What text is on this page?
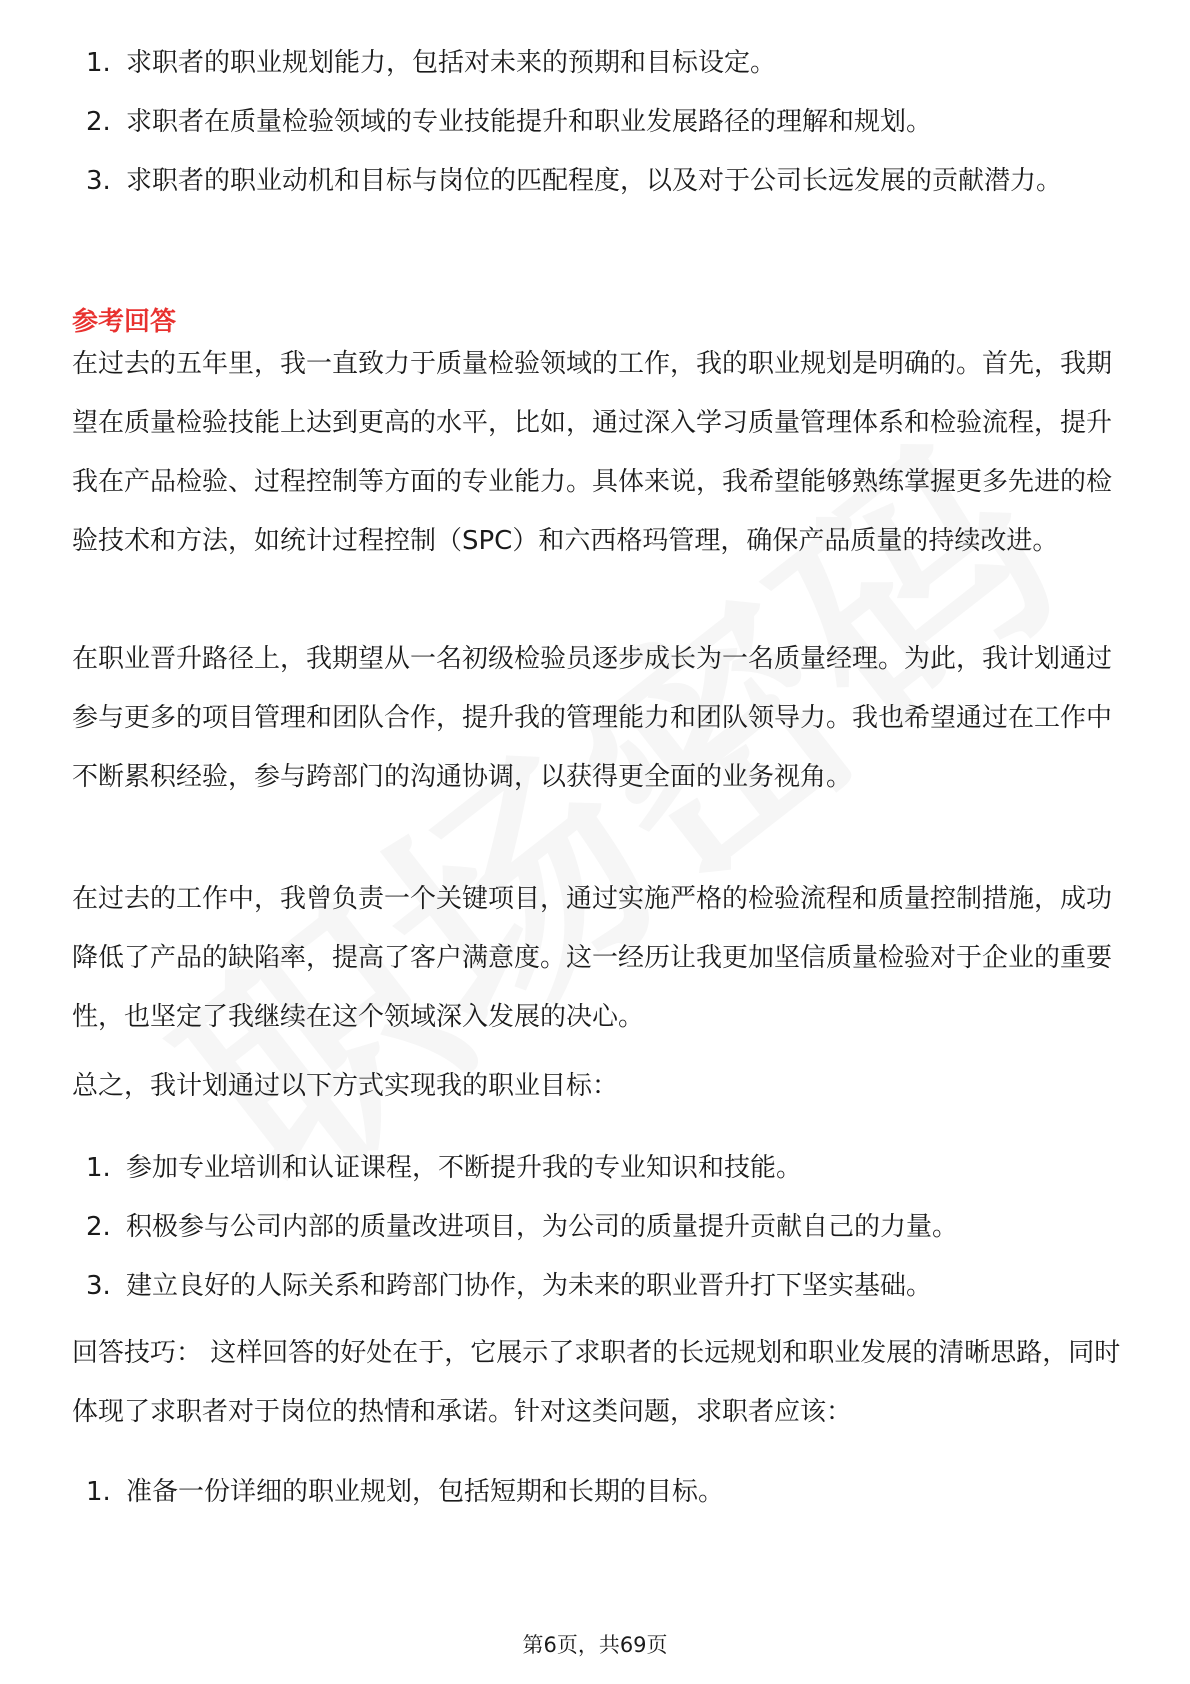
1. 求职者的职业规划能力，包括对未来的预期和目标设定。
2. 求职者在质量检验领域的专业技能提升和职业发展路径的理解和规划。
3. 求职者的职业动机和目标与岗位的匹配程度，以及对于公司长远发展的贡献潜力。

参考回答

在过去的五年里，我一直致力于质量检验领域的工作，我的职业规划是明确的。首先，我期望在质量检验技能上达到更高的水平，比如，通过深入学习质量管理体系和检验流程，提升我在产品检验、过程控制等方面的专业能力。具体来说，我希望能够熟练掌握更多先进的检验技术和方法，如统计过程控制（SPC）和六西格玛管理，确保产品质量的持续改进。

在职业晋升路径上，我期望从一名初级检验员逐步成长为一名质量经理。为此，我计划通过参与更多的项目管理和团队合作，提升我的管理能力和团队领导力。我也希望通过在工作中不断累积经验，参与跨部门的沟通协调，以获得更全面的业务视角。

在过去的工作中，我曾负责一个关键项目，通过实施严格的检验流程和质量控制措施，成功降低了产品的缺陷率，提高了客户满意度。这一经历让我更加坚信质量检验对于企业的重要性，也坚定了我继续在这个领域深入发展的决心。

总之，我计划通过以下方式实现我的职业目标：

1. 参加专业培训和认证课程，不断提升我的专业知识和技能。
2. 积极参与公司内部的质量改进项目，为公司的质量提升贡献自己的力量。
3. 建立良好的人际关系和跨部门协作，为未来的职业晋升打下坚实基础。

回答技巧： 这样回答的好处在于，它展示了求职者的长远规划和职业发展的清晰思路，同时体现了求职者对于岗位的热情和承诺。针对这类问题，求职者应该：

1. 准备一份详细的职业规划，包括短期和长期的目标。
第6页，共69页
